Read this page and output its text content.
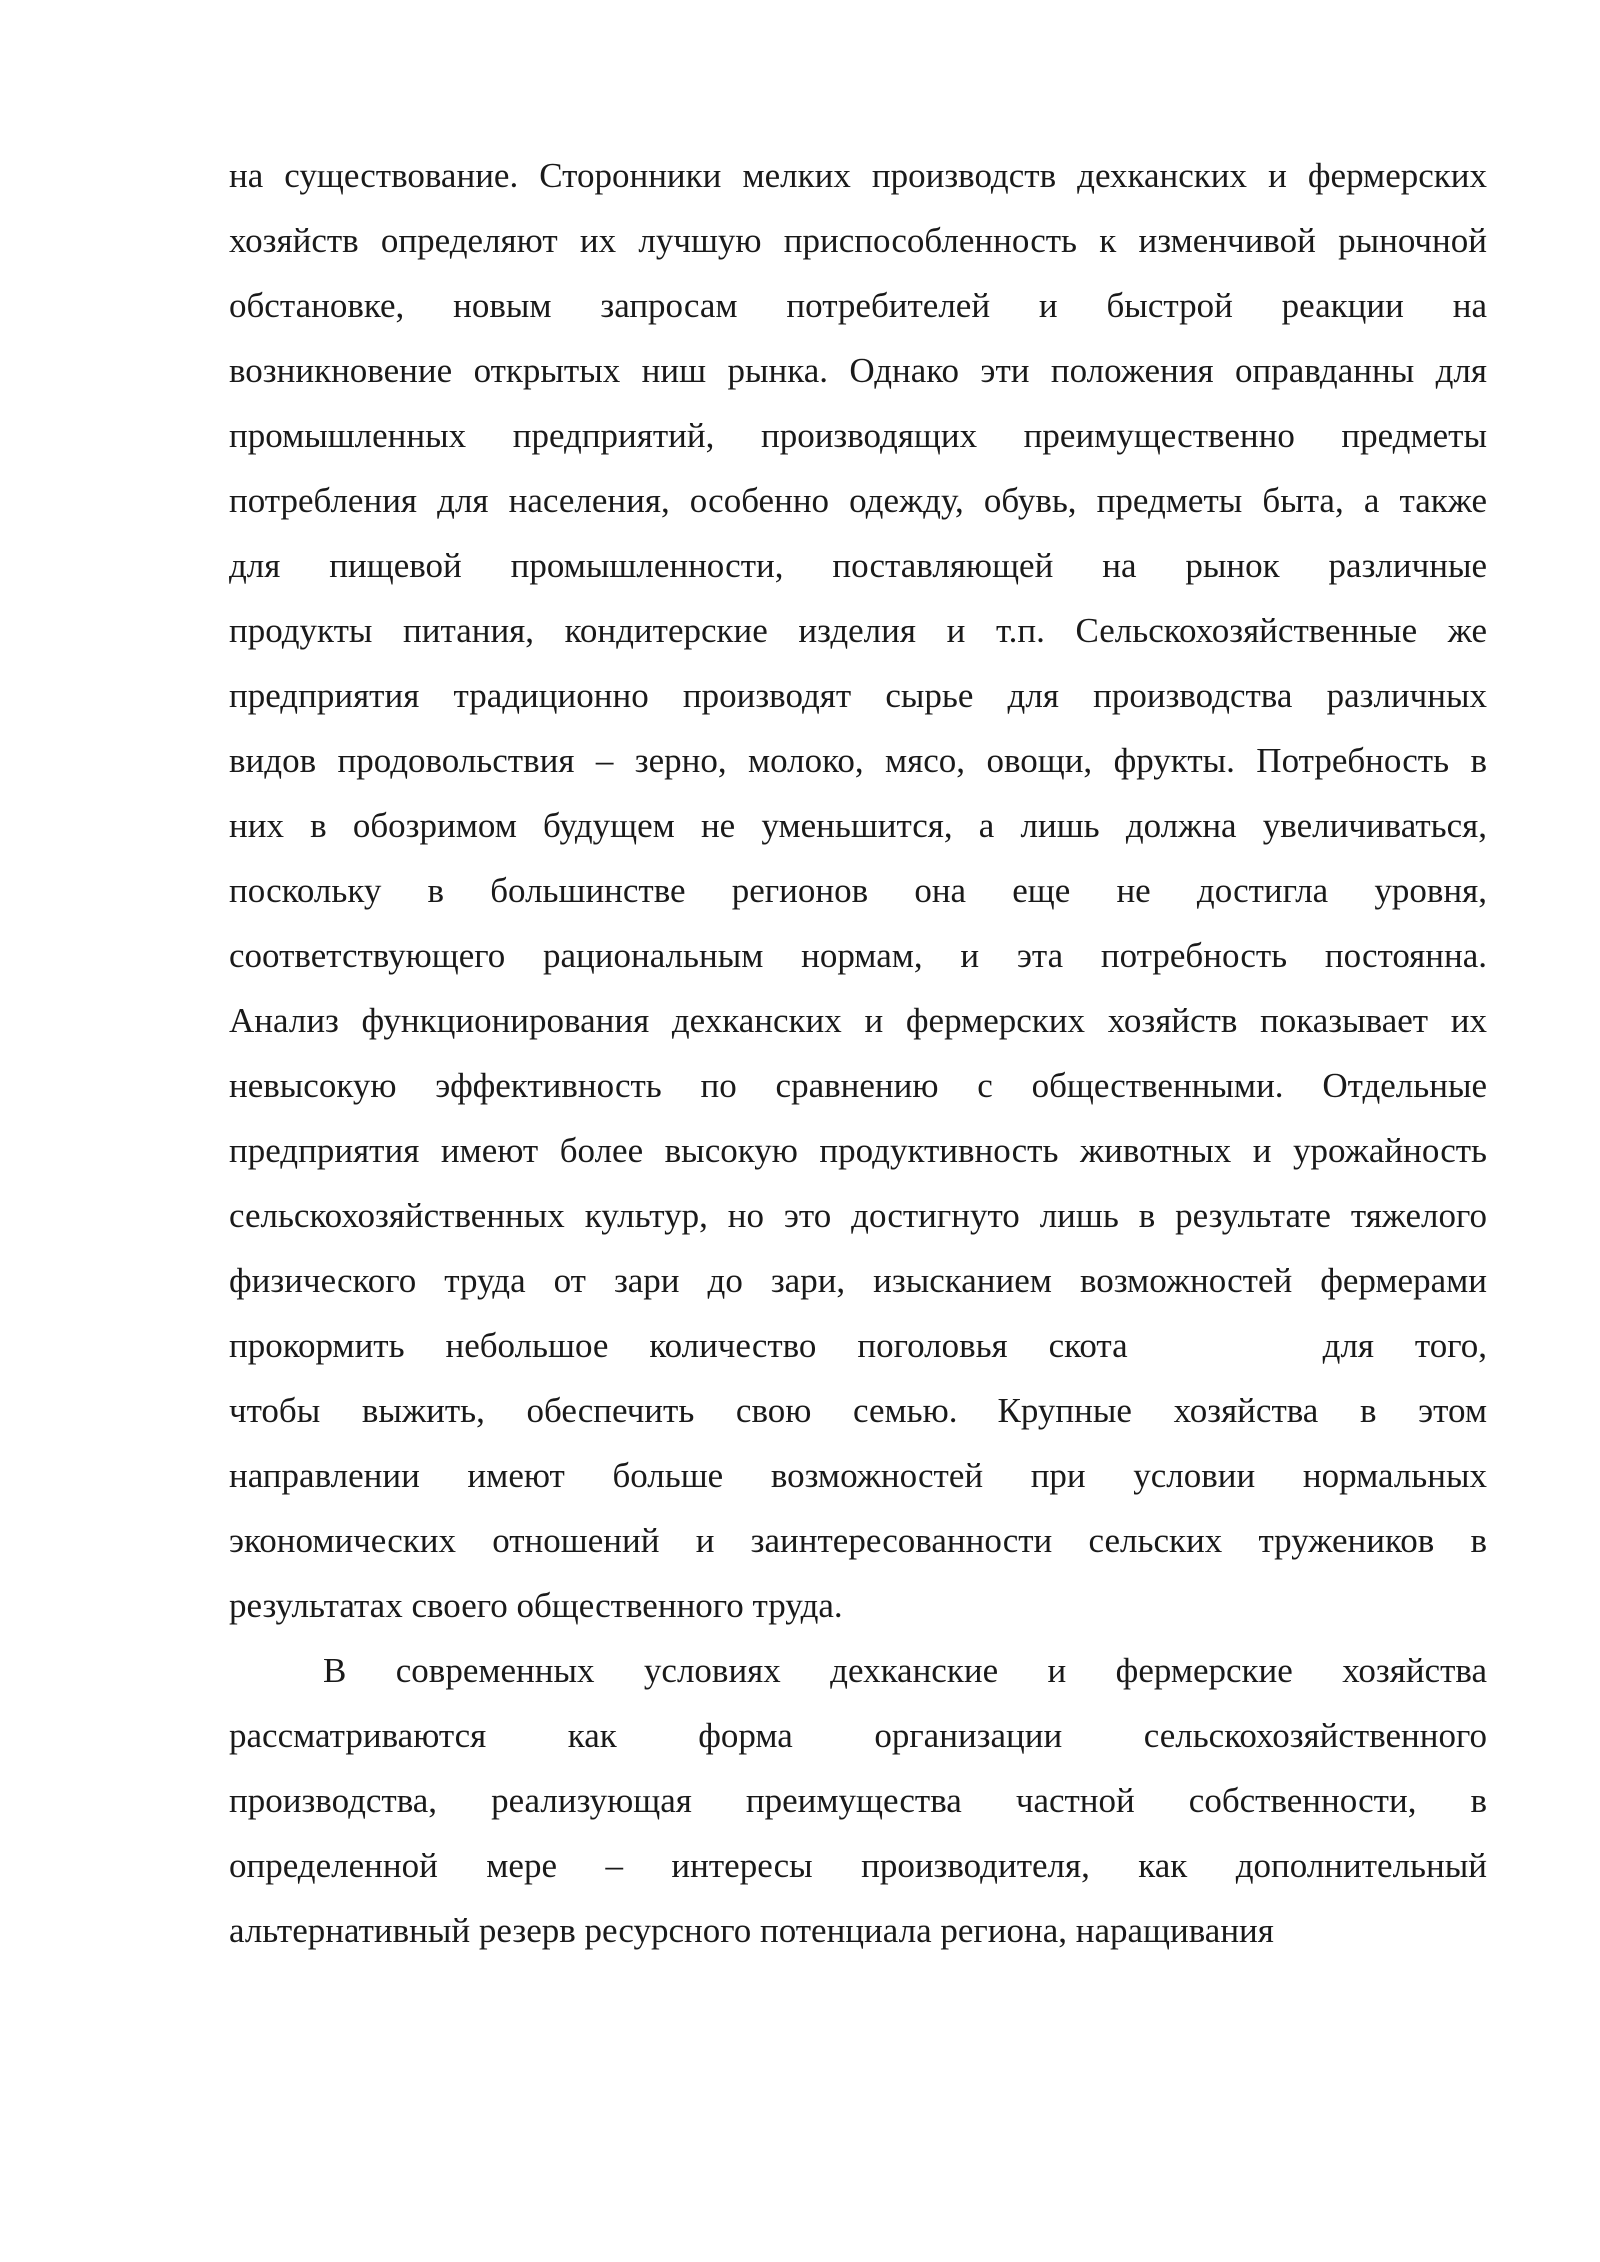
на существование. Сторонники мелких производств дехканских и фермерских
хозяйств определяют их лучшую приспособленность к изменчивой рыночной
обстановке, новым запросам потребителей и быстрой реакции на
возникновение открытых ниш рынка. Однако эти положения оправданны для
промышленных предприятий, производящих преимущественно предметы
потребления для населения, особенно одежду, обувь, предметы быта, а также
для пищевой промышленности, поставляющей на рынок различные
продукты питания, кондитерские изделия и т.п. Сельскохозяйственные же
предприятия традиционно производят сырье для производства различных
видов продовольствия – зерно, молоко, мясо, овощи, фрукты. Потребность в
них в обозримом будущем не уменьшится, а лишь должна увеличиваться,
поскольку в большинстве регионов она еще не достигла уровня,
соответствующего рациональным нормам, и эта потребность постоянна.
Анализ функционирования дехканских и фермерских хозяйств показывает их
невысокую эффективность по сравнению с общественными. Отдельные
предприятия имеют более высокую продуктивность животных и урожайность
сельскохозяйственных культур, но это достигнуто лишь в результате тяжелого
физического труда от зари до зари, изысканием возможностей фермерами
прокормить небольшое количество поголовья скота	для того,
чтобы выжить, обеспечить свою семью. Крупные хозяйства в этом
направлении имеют больше возможностей при условии нормальных
экономических отношений и заинтересованности сельских тружеников в
результатах своего общественного труда.
В современных условиях дехканские и фермерские хозяйства
рассматриваются как форма организации сельскохозяйственного
производства, реализующая преимущества частной собственности, в
определенной мере – интересы производителя, как дополнительный
альтернативный резерв ресурсного потенциала региона, наращивания
